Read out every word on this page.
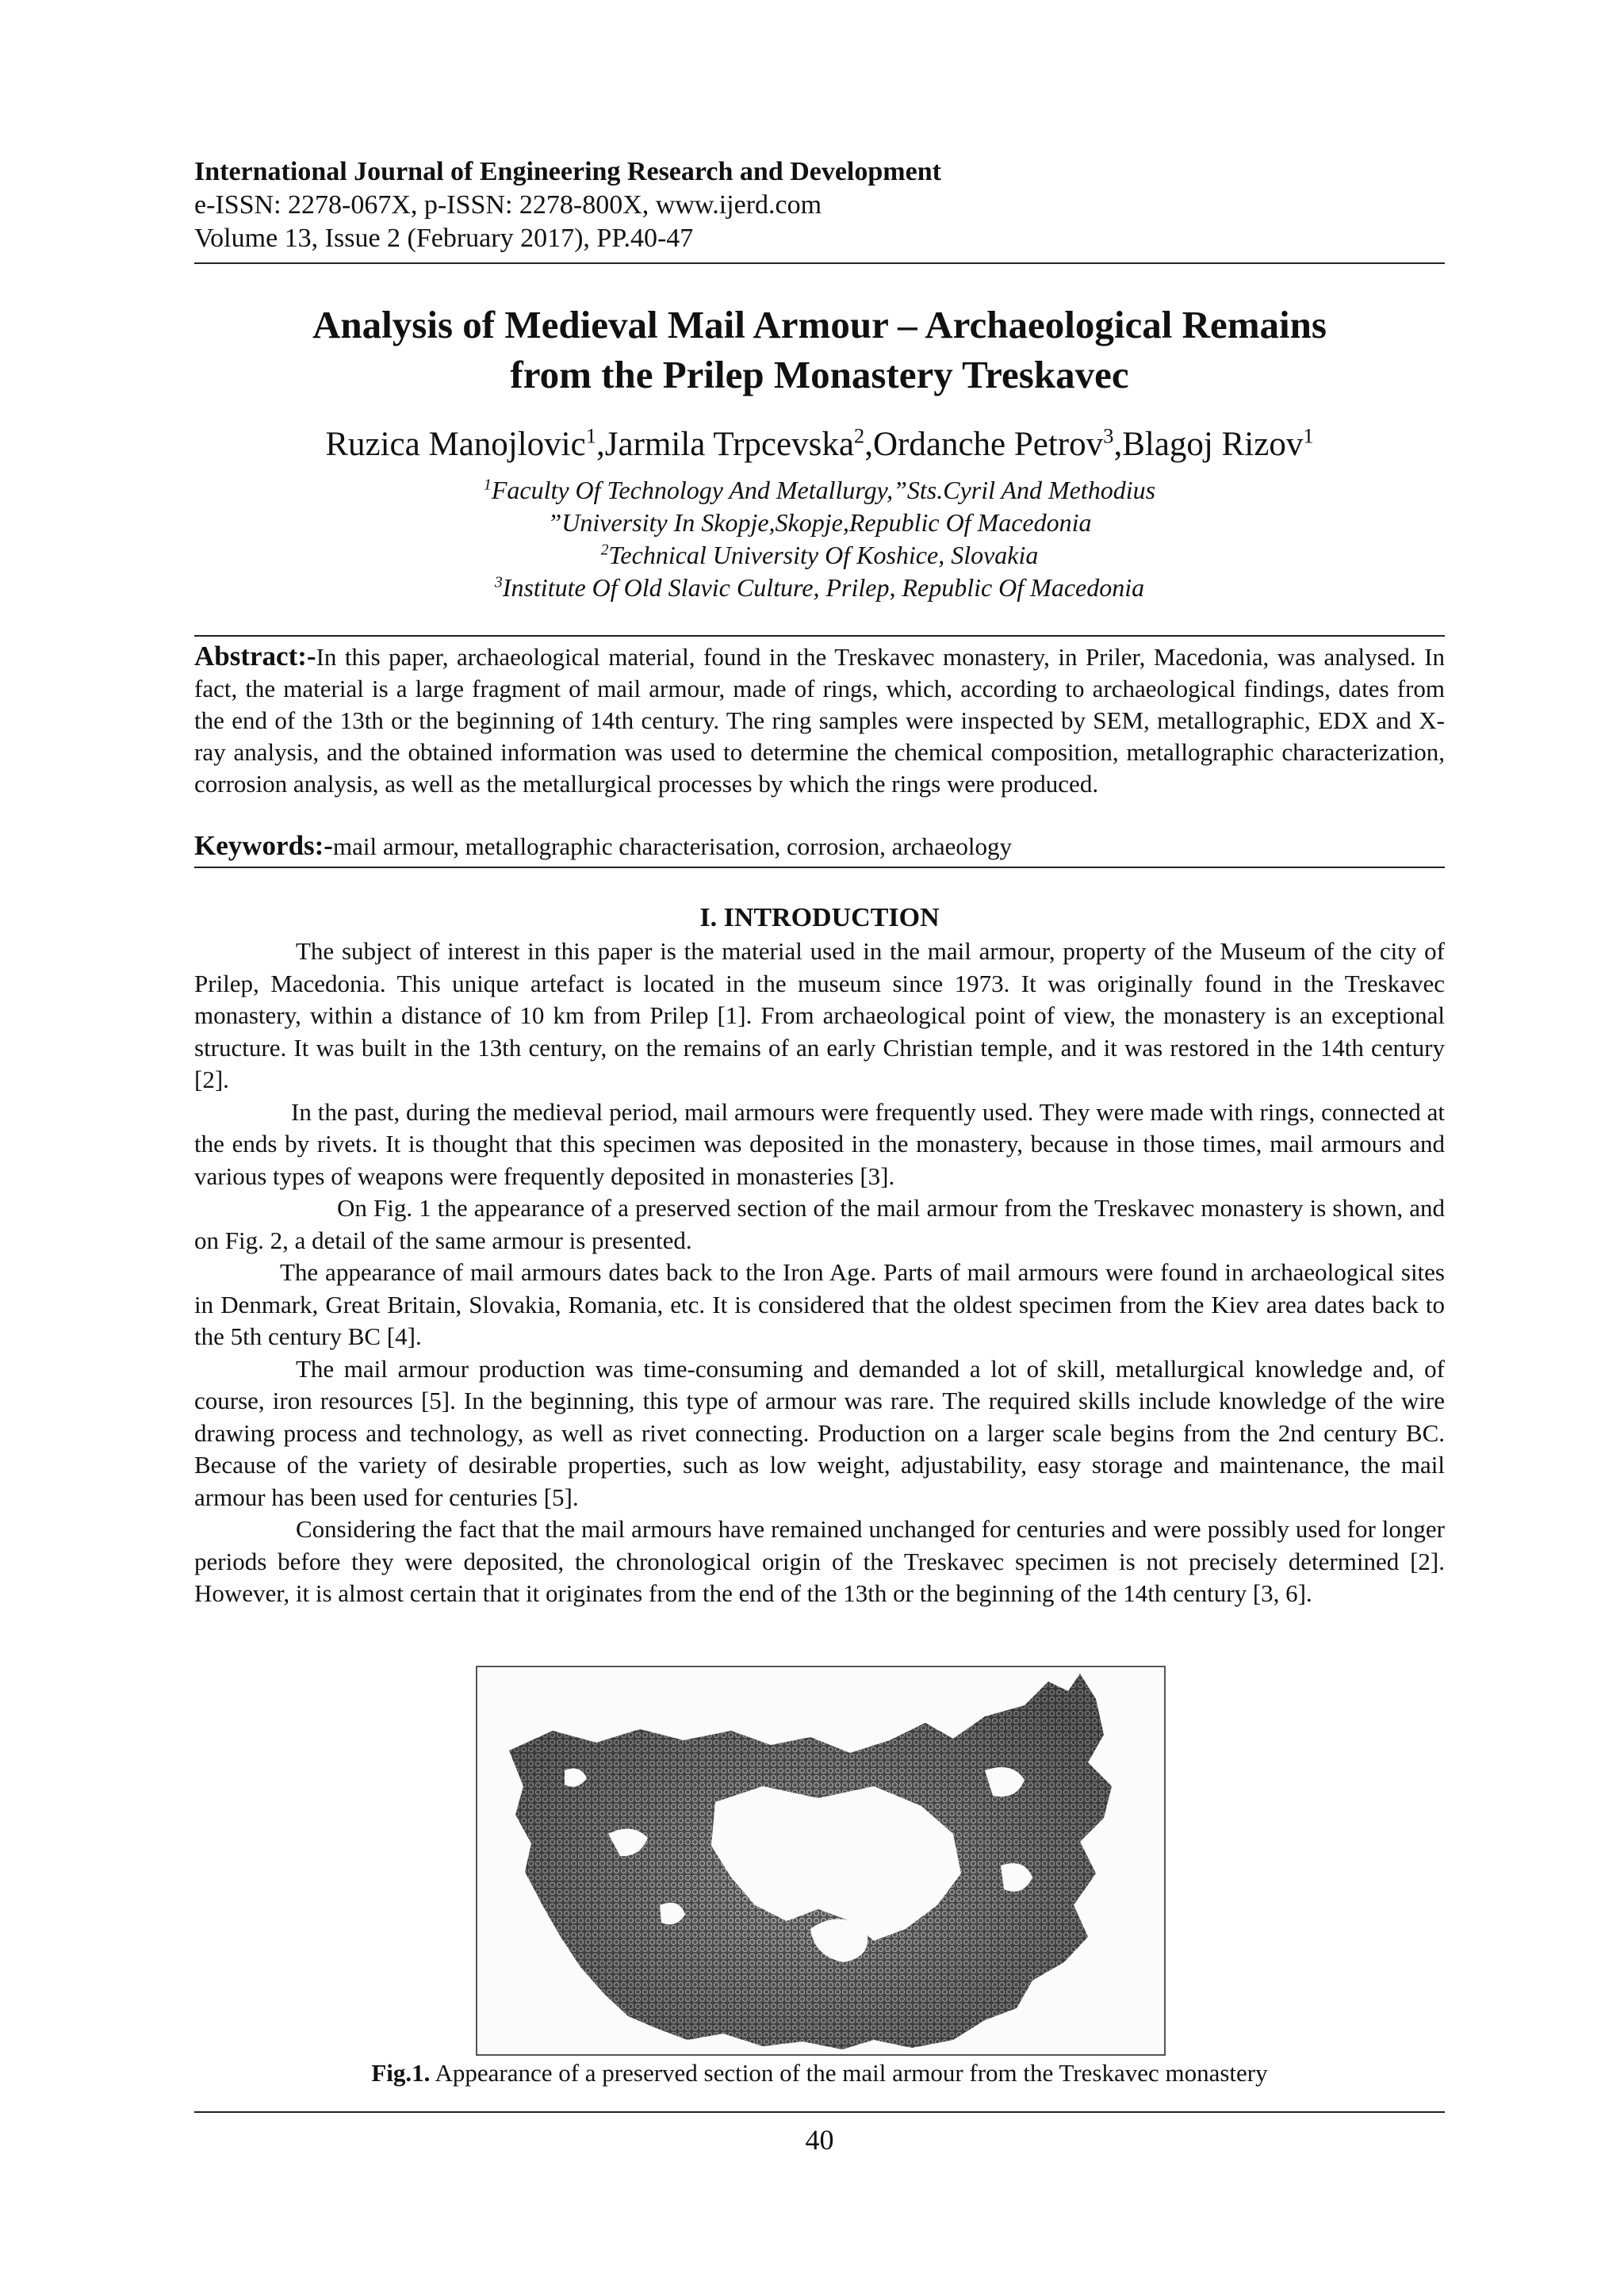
International Journal of Engineering Research and Development
e-ISSN: 2278-067X, p-ISSN: 2278-800X, www.ijerd.com
Volume 13, Issue 2 (February 2017), PP.40-47
Analysis of Medieval Mail Armour – Archaeological Remains
from the Prilep Monastery Treskavec
Ruzica Manojlovic$^1$,Jarmila Trpcevska$^2$,Ordanche Petrov$^3$,Blagoj Rizov$^1$
$^1$Faculty Of Technology And Metallurgy,”Sts.Cyril And Methodius
”University In Skopje,Skopje,Republic Of Macedonia
$^2$Technical University Of Koshice, Slovakia
$^3$Institute Of Old Slavic Culture, Prilep, Republic Of Macedonia
Abstract:-In this paper, archaeological material, found in the Treskavec monastery, in Priler, Macedonia, was analysed. In fact, the material is a large fragment of mail armour, made of rings, which, according to archaeological findings, dates from the end of the 13th or the beginning of 14th century. The ring samples were inspected by SEM, metallographic, EDX and X-ray analysis, and the obtained information was used to determine the chemical composition, metallographic characterization, corrosion analysis, as well as the metallurgical processes by which the rings were produced.
Keywords:-mail armour, metallographic characterisation, corrosion, archaeology
I. INTRODUCTION

The subject of interest in this paper is the material used in the mail armour, property of the Museum of the city of Prilep, Macedonia. This unique artefact is located in the museum since 1973. It was originally found in the Treskavec monastery, within a distance of 10 km from Prilep [1]. From archaeological point of view, the monastery is an exceptional structure. It was built in the 13th century, on the remains of an early Christian temple, and it was restored in the 14th century [2].

In the past, during the medieval period, mail armours were frequently used. They were made with rings, connected at the ends by rivets. It is thought that this specimen was deposited in the monastery, because in those times, mail armours and various types of weapons were frequently deposited in monasteries [3].

On Fig. 1 the appearance of a preserved section of the mail armour from the Treskavec monastery is shown, and on Fig. 2, a detail of the same armour is presented.

The appearance of mail armours dates back to the Iron Age. Parts of mail armours were found in archaeological sites in Denmark, Great Britain, Slovakia, Romania, etc. It is considered that the oldest specimen from the Kiev area dates back to the 5th century BC [4].

The mail armour production was time-consuming and demanded a lot of skill, metallurgical knowledge and, of course, iron resources [5]. In the beginning, this type of armour was rare. The required skills include knowledge of the wire drawing process and technology, as well as rivet connecting. Production on a larger scale begins from the 2nd century BC. Because of the variety of desirable properties, such as low weight, adjustability, easy storage and maintenance, the mail armour has been used for centuries [5].

Considering the fact that the mail armours have remained unchanged for centuries and were possibly used for longer periods before they were deposited, the chronological origin of the Treskavec specimen is not precisely determined [2]. However, it is almost certain that it originates from the end of the 13th or the beginning of the 14th century [3, 6].

Fig.1. Appearance of a preserved section of the mail armour from the Treskavec monastery
40
